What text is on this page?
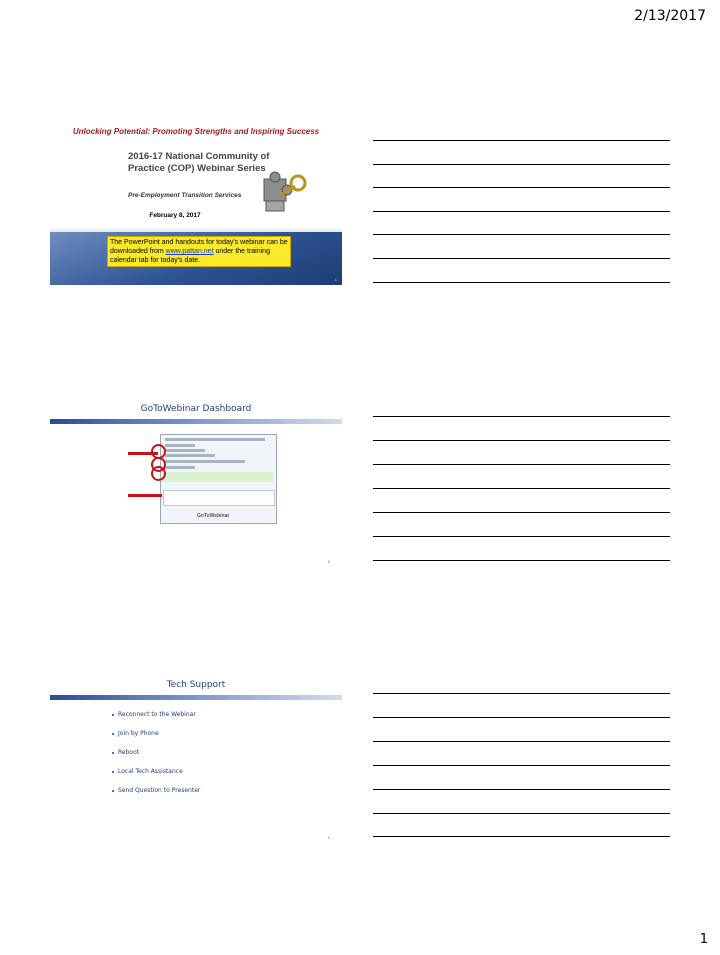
2/13/2017
Unlocking Potential: Promoting Strengths and Inspiring Success
2016-17 National Community of
Practice (COP) Webinar Series
Pre-Employment Transition Services
February 8, 2017
The PowerPoint and handouts for today's webinar can be downloaded from www.pattan.net under the training calendar tab for today's date.
1
GoToWebinar Dashboard
GoToWebinar
2
Tech Support
Reconnect to the Webinar
Join by Phone
Reboot
Local Tech Assistance
Send Question to Presenter
3
1
